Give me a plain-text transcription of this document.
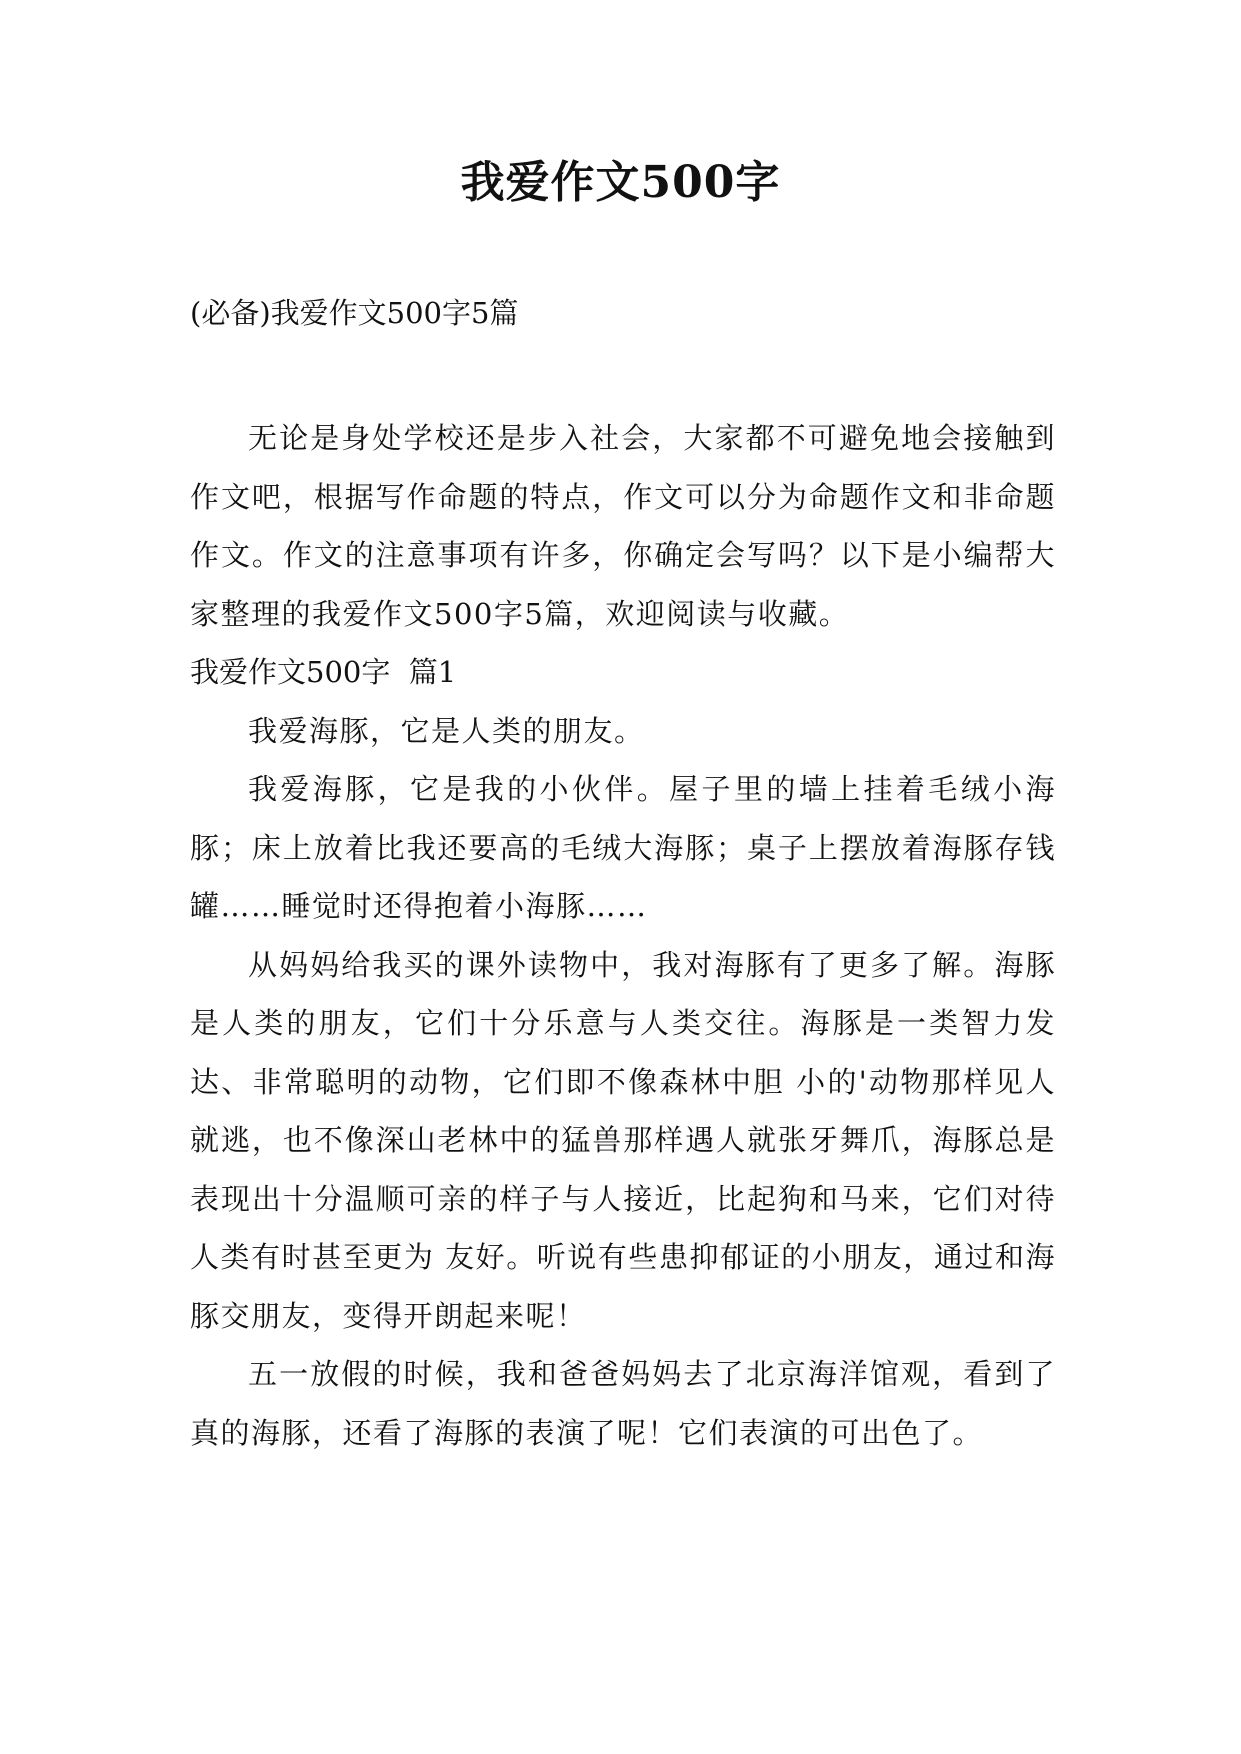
我爱作文500字
(必备)我爱作文500字5篇

无论是身处学校还是步入社会，大家都不可避免地会接触到作文吧，根据写作命题的特点，作文可以分为命题作文和非命题作文。作文的注意事项有许多，你确定会写吗？以下是小编帮大家整理的我爱作文500字5篇，欢迎阅读与收藏。

我爱作文500字  篇1

我爱海豚，它是人类的朋友。

我爱海豚，它是我的小伙伴。屋子里的墙上挂着毛绒小海豚；床上放着比我还要高的毛绒大海豚；桌子上摆放着海豚存钱罐……睡觉时还得抱着小海豚……

从妈妈给我买的课外读物中，我对海豚有了更多了解。海豚是人类的朋友，它们十分乐意与人类交往。海豚是一类智力发达、非常聪明的动物，它们即不像森林中胆 小的'动物那样见人就逃，也不像深山老林中的猛兽那样遇人就张牙舞爪，海豚总是表现出十分温顺可亲的样子与人接近，比起狗和马来，它们对待人类有时甚至更为 友好。听说有些患抑郁证的小朋友，通过和海豚交朋友，变得开朗起来呢！

五一放假的时候，我和爸爸妈妈去了北京海洋馆观，看到了真的海豚，还看了海豚的表演了呢！它们表演的可出色了。
